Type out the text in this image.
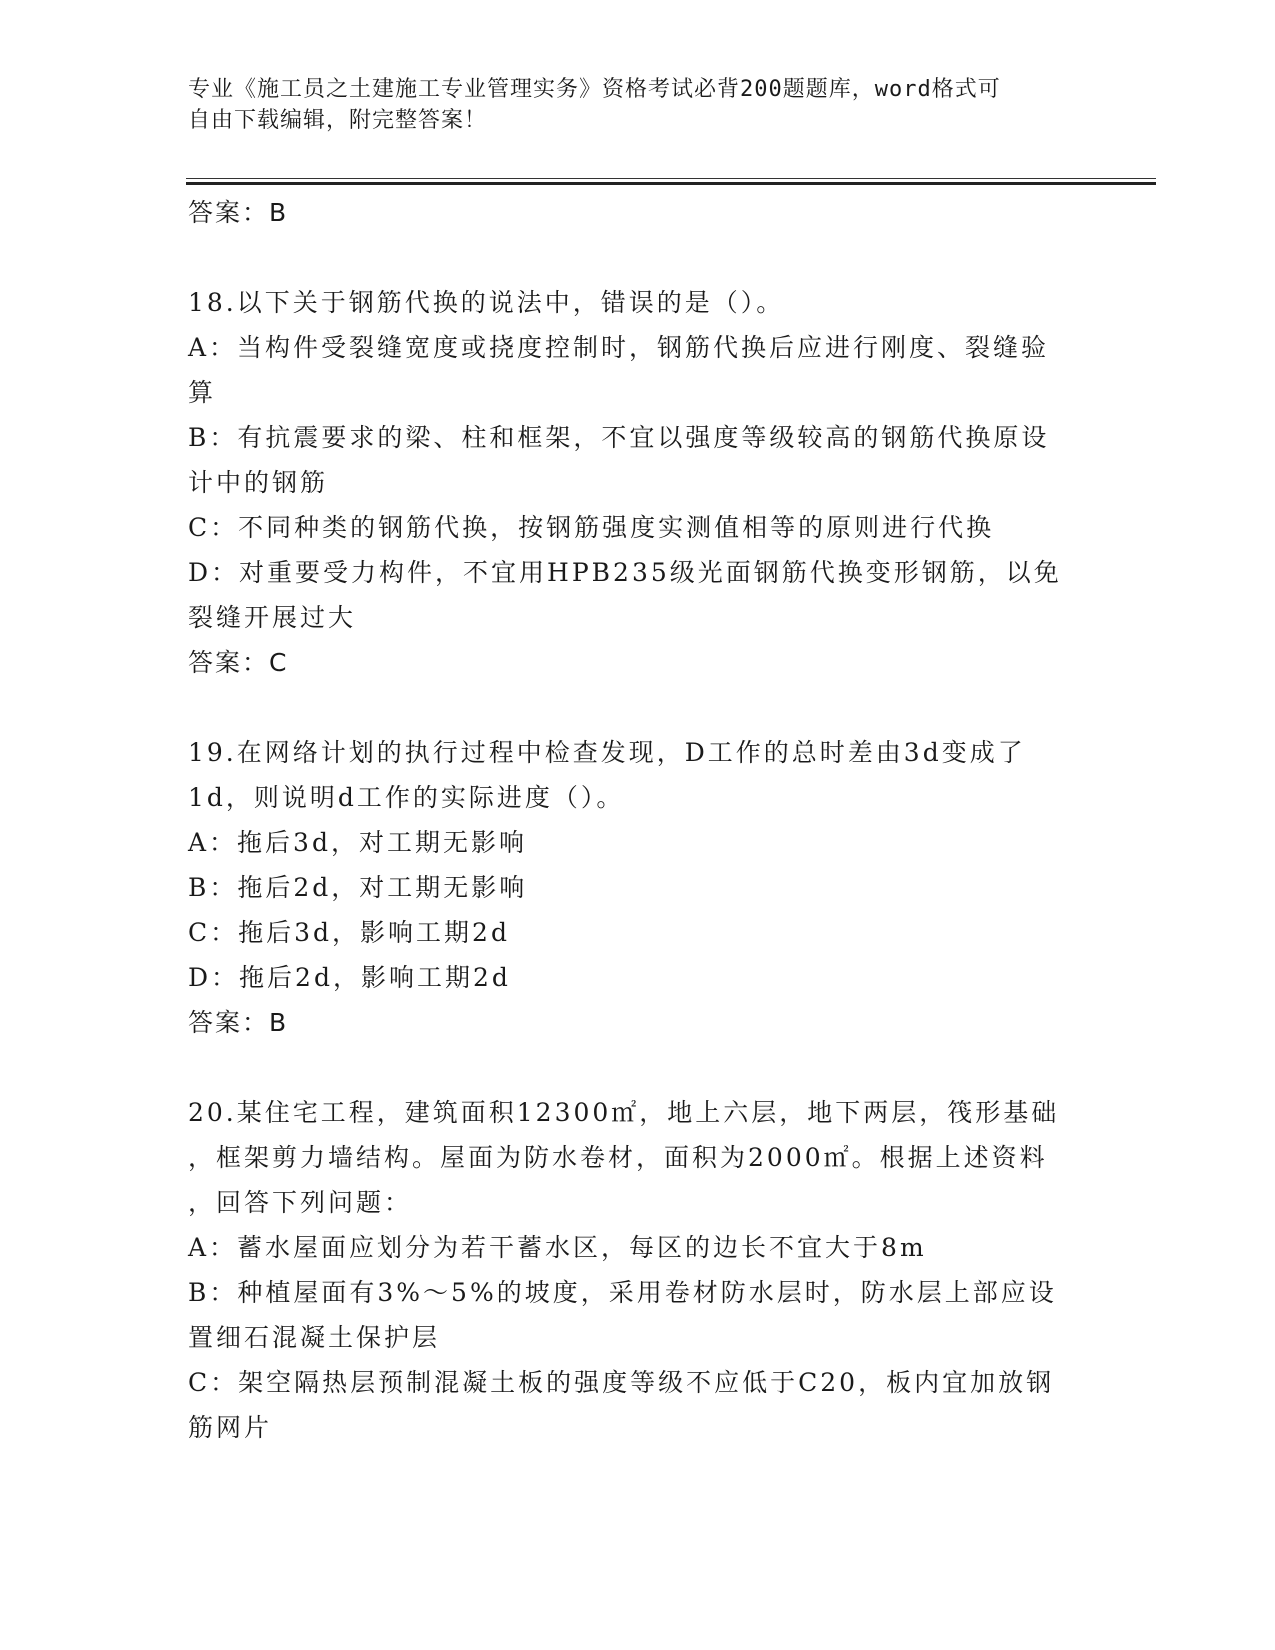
专业《施工员之土建施工专业管理实务》资格考试必背200题题库，word格式可
自由下载编辑，附完整答案！
答案：B
18.以下关于钢筋代换的说法中，错误的是（）。
A：当构件受裂缝宽度或挠度控制时，钢筋代换后应进行刚度、裂缝验
算
B：有抗震要求的梁、柱和框架，不宜以强度等级较高的钢筋代换原设
计中的钢筋
C：不同种类的钢筋代换，按钢筋强度实测值相等的原则进行代换
D：对重要受力构件，不宜用HPB235级光面钢筋代换变形钢筋，以免
裂缝开展过大
答案：C
19.在网络计划的执行过程中检查发现，D工作的总时差由3d变成了
1d，则说明d工作的实际进度（）。
A：拖后3d，对工期无影响
B：拖后2d，对工期无影响
C：拖后3d，影响工期2d
D：拖后2d，影响工期2d
答案：B
20.某住宅工程，建筑面积12300㎡，地上六层，地下两层，筏形基础
，框架剪力墙结构。屋面为防水卷材，面积为2000㎡。根据上述资料
，回答下列问题：
A：蓄水屋面应划分为若干蓄水区，每区的边长不宜大于8m
B：种植屋面有3%～5%的坡度，采用卷材防水层时，防水层上部应设
置细石混凝土保护层
C：架空隔热层预制混凝土板的强度等级不应低于C20，板内宜加放钢
筋网片
